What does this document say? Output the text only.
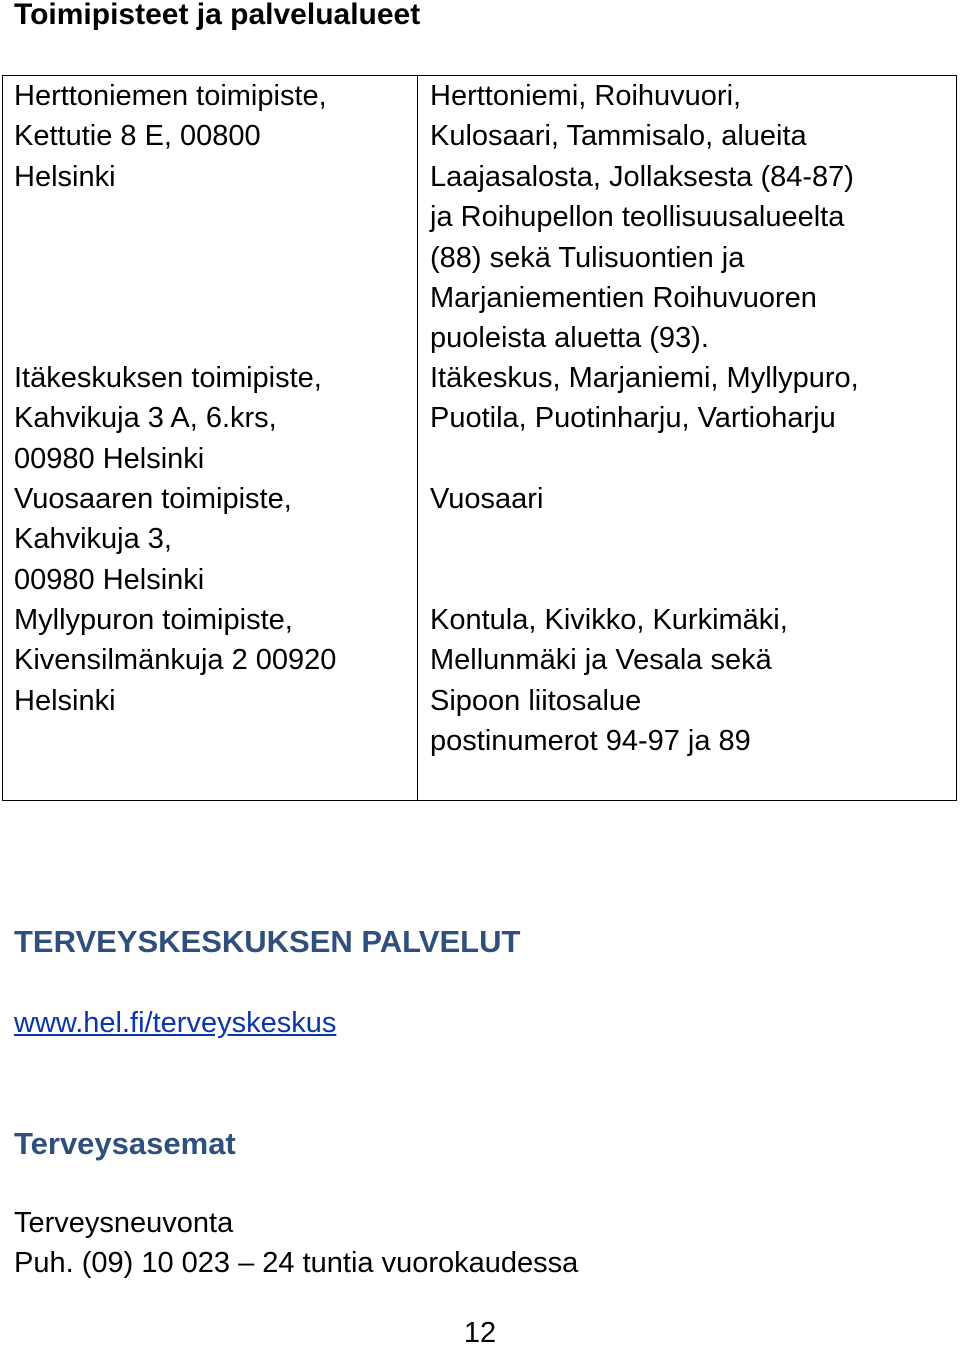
Toimipisteet ja palvelualueet
Herttoniemen toimipiste,
Kettutie 8 E, 00800
Helsinki
Herttoniemi, Roihuvuori,
Kulosaari, Tammisalo, alueita
Laajasalosta, Jollaksesta (84-87)
ja Roihupellon teollisuusalueelta
(88) sekä Tulisuontien ja
Marjaniementien Roihuvuoren
puoleista aluetta (93).
Itäkeskuksen toimipiste,
Kahvikuja 3 A, 6.krs,
00980 Helsinki
Itäkeskus, Marjaniemi, Myllypuro,
Puotila, Puotinharju, Vartioharju
Vuosaaren toimipiste,
Kahvikuja 3,
00980 Helsinki
Vuosaari
Myllypuron toimipiste,
Kivensilmänkuja 2 00920
Helsinki
Kontula, Kivikko, Kurkimäki,
Mellunmäki ja Vesala sekä
Sipoon liitosalue
postinumerot 94-97 ja 89
TERVEYSKESKUKSEN PALVELUT
www.hel.fi/terveyskeskus
Terveysasemat
Terveysneuvonta
Puh. (09) 10 023 – 24 tuntia vuorokaudessa
12
